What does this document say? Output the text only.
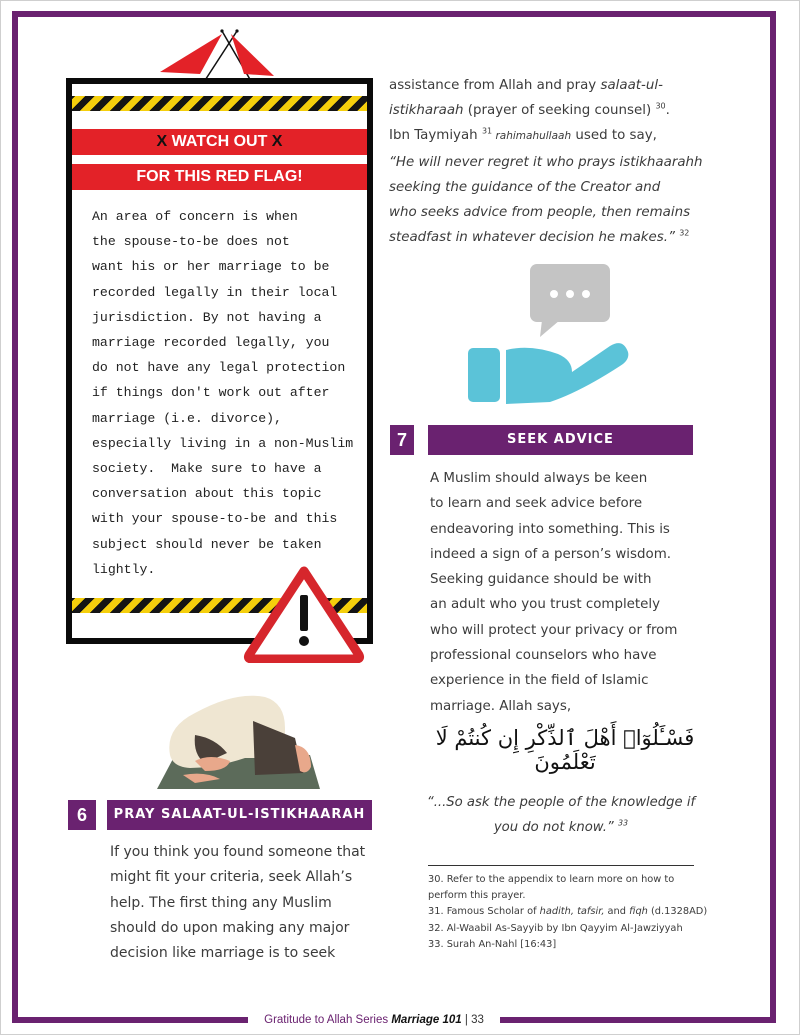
X WATCH OUT X
FOR THIS RED FLAG!
An area of concern is when
the spouse-to-be does not
want his or her marriage to be
recorded legally in their local
jurisdiction. By not having a
marriage recorded legally, you
do not have any legal protection
if things don't work out after
marriage (i.e. divorce),
especially living in a non-Muslim
society.  Make sure to have a
conversation about this topic
with your spouse-to-be and this
subject should never be taken
lightly.
assistance from Allah and pray salaat-ul-
istikharaah (prayer of seeking counsel) $^{30}$.
Ibn Taymiyah $^{31}$ rahimahullaah used to say,
“He will never regret it who prays istikhaarahh
seeking the guidance of the Creator and
who seeks advice from people, then remains
steadfast in whatever decision he makes.” $^{32}$
7	SEEK ADVICE
A Muslim should always be keen
to learn and seek advice before
endeavoring into something. This is
indeed a sign of a person’s wisdom.
Seeking guidance should be with
an adult who you trust completely
who will protect your privacy or from
professional counselors who have
experience in the field of Islamic
marriage. Allah says,
فَسْـَٔلُوٓا۟ أَهْلَ ٱلذِّكْرِ إِن كُنتُمْ لَا تَعْلَمُونَ
“...So ask the people of the knowledge if
you do not know.” $^{33}$
30. Refer to the appendix to learn more on how to
perform this prayer.
31. Famous Scholar of hadith, tafsir, and fiqh (d.1328AD)
32. Al-Waabil As-Sayyib by Ibn Qayyim Al-Jawziyyah
33. Surah An-Nahl [16:43]
6	PRAY SALAAT-UL-ISTIKHAARAH
If you think you found someone that
might fit your criteria, seek Allah’s
help. The first thing any Muslim
should do upon making any major
decision like marriage is to seek
Gratitude to Allah Series Marriage 101 | 33
